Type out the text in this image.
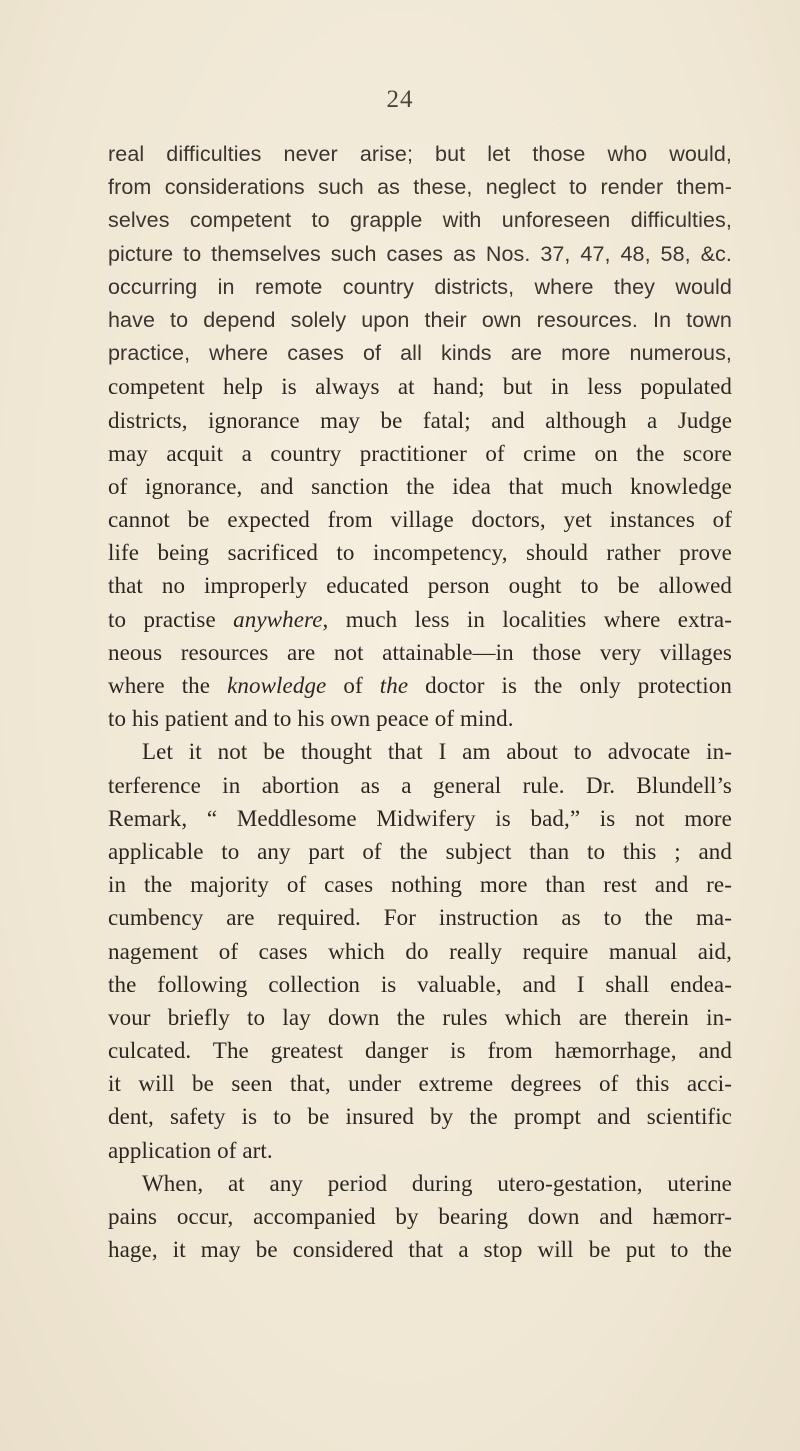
24
real difficulties never arise; but let those who would,
from considerations such as these, neglect to render them-
selves competent to grapple with unforeseen difficulties,
picture to themselves such cases as Nos. 37, 47, 48, 58, &c.
occurring in remote country districts, where they would
have to depend solely upon their own resources. In town
practice, where cases of all kinds are more numerous,
competent help is always at hand; but in less populated
districts, ignorance may be fatal; and although a Judge
may acquit a country practitioner of crime on the score
of ignorance, and sanction the idea that much knowledge
cannot be expected from village doctors, yet instances of
life being sacrificed to incompetency, should rather prove
that no improperly educated person ought to be allowed
to practise anywhere, much less in localities where extra-
neous resources are not attainable—in those very villages
where the knowledge of the doctor is the only protection
to his patient and to his own peace of mind.
Let it not be thought that I am about to advocate in-
terference in abortion as a general rule. Dr. Blundell’s
Remark, “ Meddlesome Midwifery is bad,” is not more
applicable to any part of the subject than to this ; and
in the majority of cases nothing more than rest and re-
cumbency are required. For instruction as to the ma-
nagement of cases which do really require manual aid,
the following collection is valuable, and I shall endea-
vour briefly to lay down the rules which are therein in-
culcated. The greatest danger is from hæmorrhage, and
it will be seen that, under extreme degrees of this acci-
dent, safety is to be insured by the prompt and scientific
application of art.
When, at any period during utero-gestation, uterine
pains occur, accompanied by bearing down and hæmorr-
hage, it may be considered that a stop will be put to the
